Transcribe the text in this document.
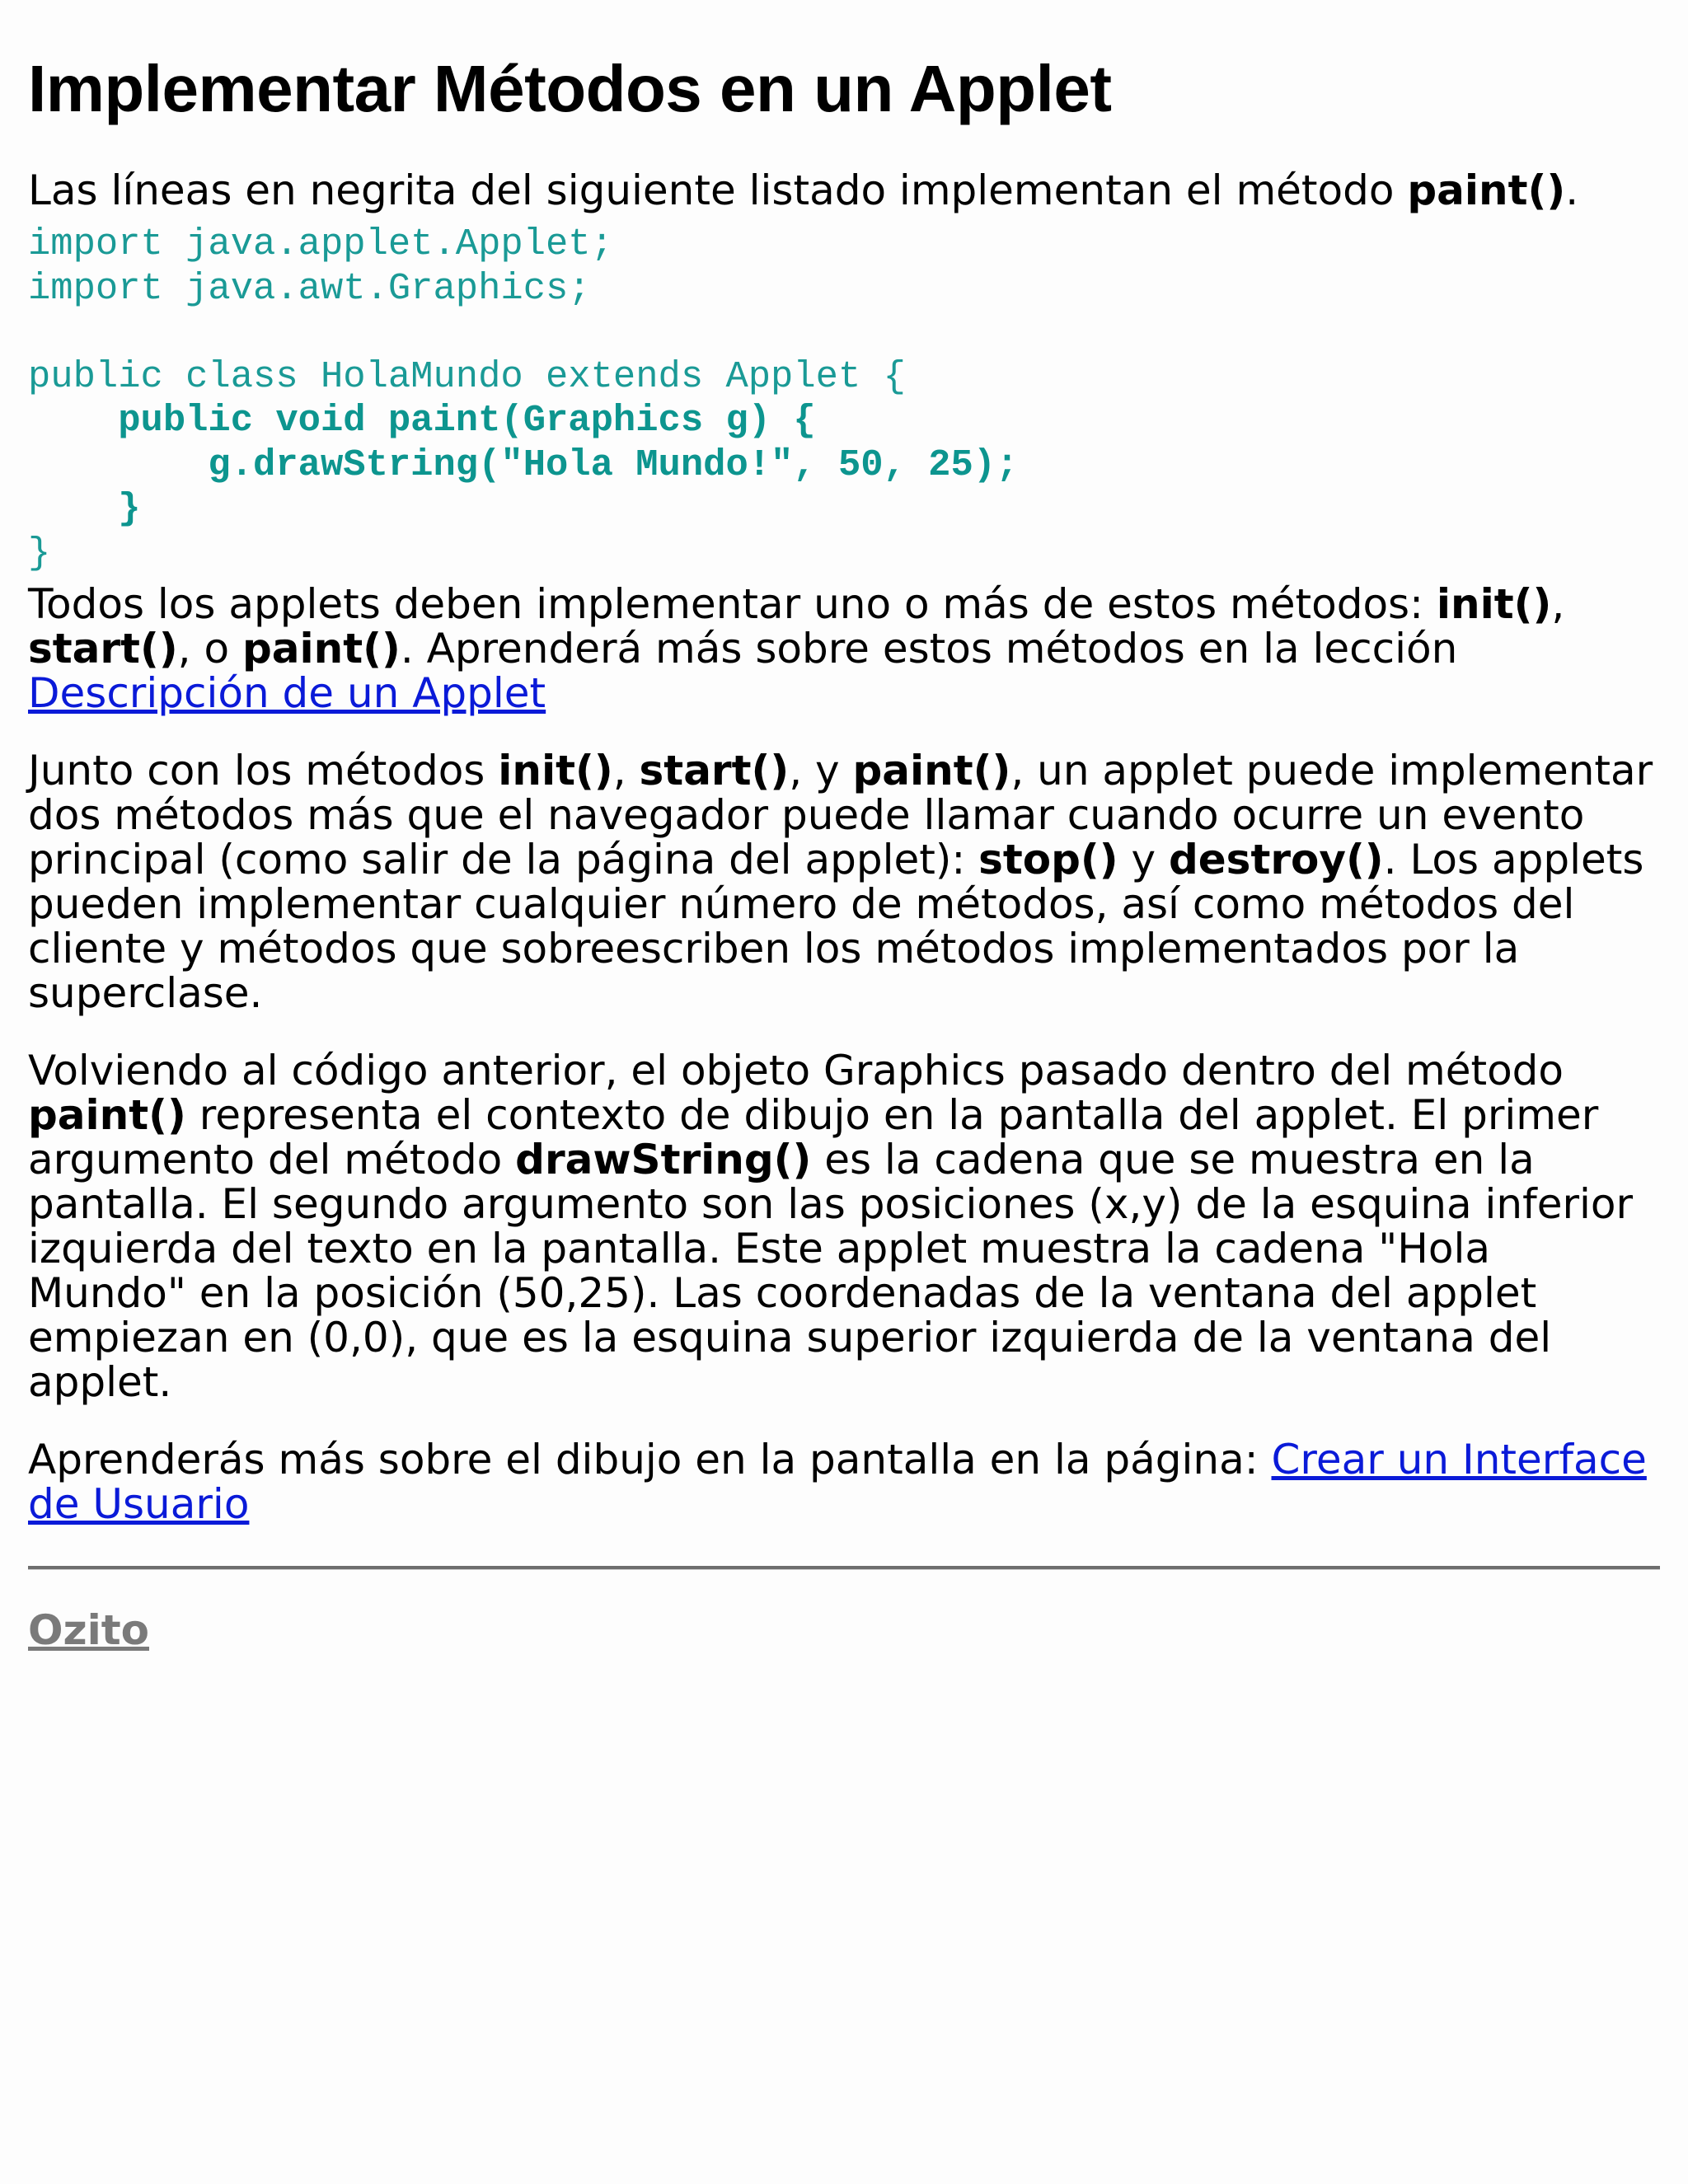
Implementar Métodos en un Applet

Las líneas en negrita del siguiente listado implementan el método paint().

import java.applet.Applet;
import java.awt.Graphics;

public class HolaMundo extends Applet {
public void paint(Graphics g) {
g.drawString("Hola Mundo!", 50, 25);
}
}

Todos los applets deben implementar uno o más de estos métodos: init(), start(), o paint(). Aprenderá más sobre estos métodos en la lección Descripción de un Applet

Junto con los métodos init(), start(), y paint(), un applet puede implementar dos métodos más que el navegador puede llamar cuando ocurre un evento principal (como salir de la página del applet): stop() y destroy(). Los applets pueden implementar cualquier número de métodos, así como métodos del cliente y métodos que sobreescriben los métodos implementados por la superclase.

Volviendo al código anterior, el objeto Graphics pasado dentro del método paint() representa el contexto de dibujo en la pantalla del applet. El primer argumento del método drawString() es la cadena que se muestra en la pantalla. El segundo argumento son las posiciones (x,y) de la esquina inferior izquierda del texto en la pantalla. Este applet muestra la cadena "Hola Mundo" en la posición (50,25). Las coordenadas de la ventana del applet empiezan en (0,0), que es la esquina superior izquierda de la ventana del applet.

Aprenderás más sobre el dibujo en la pantalla en la página: Crear un Interface de Usuario

Ozito
